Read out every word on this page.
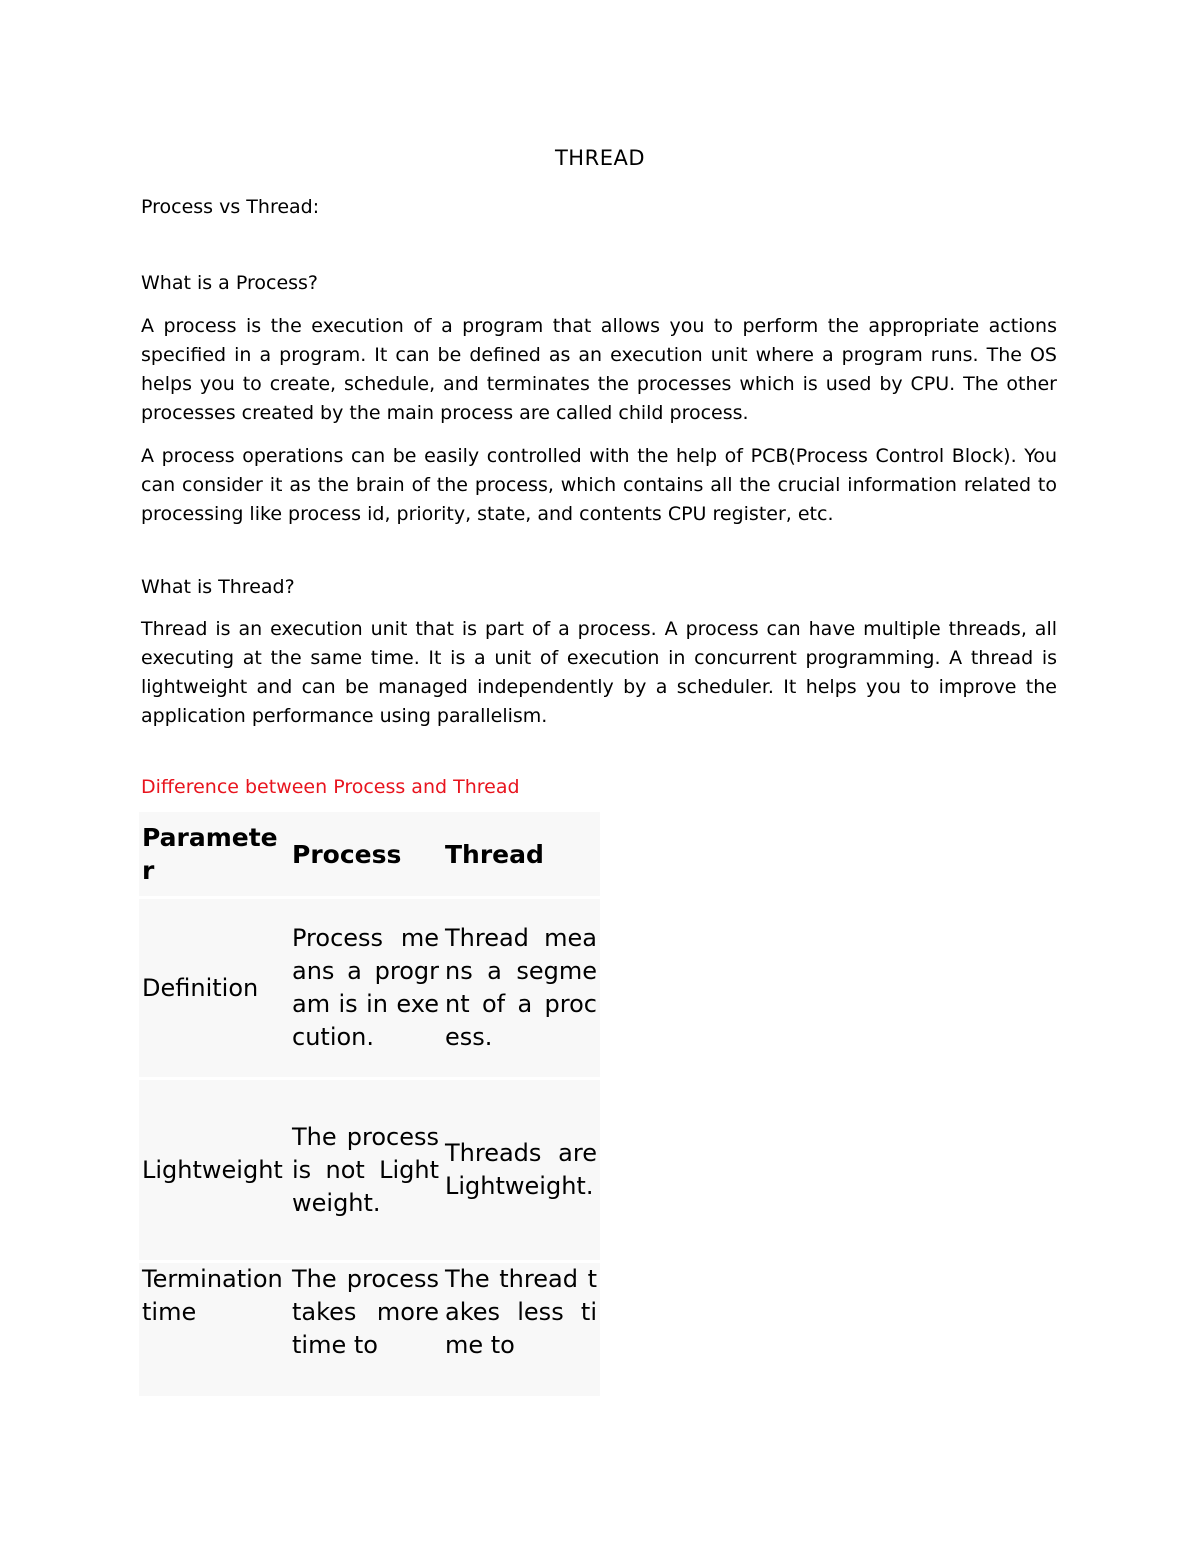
THREAD
Process vs Thread:
What is a Process?

A process is the execution of a program that allows you to perform the appropriate actions specified in a program. It can be defined as an execution unit where a program runs. The OS helps you to create, schedule, and terminates the processes which is used by CPU. The other processes created by the main process are called child process.

A process operations can be easily controlled with the help of PCB(Process Control Block). You can consider it as the brain of the process, which contains all the crucial information related to processing like process id, priority, state, and contents CPU register, etc.

What is Thread?

Thread is an execution unit that is part of a process. A process can have multiple threads, all executing at the same time. It is a unit of execution in concurrent programming. A thread is lightweight and can be managed independently by a scheduler. It helps you to improve the application performance using parallelism.

Difference between Process and Thread
Parameter	Process	Thread
Definition	Process means a program is in execution.	Thread means a segment of a process.
Lightweight	The process is not Lightweight.	Threads are Lightweight.
Termination time	The process takes more time to	The thread takes less time to
